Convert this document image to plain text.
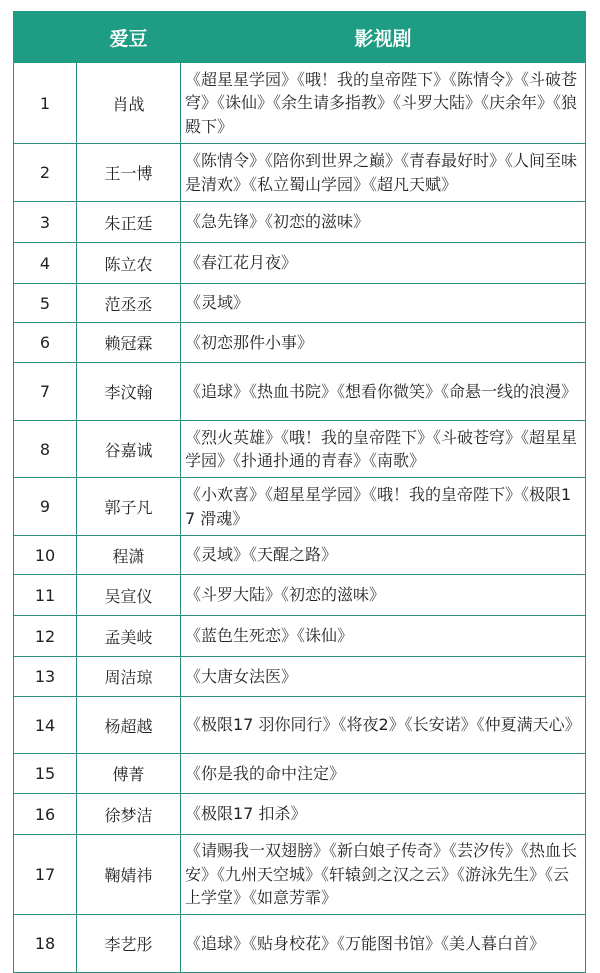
	爱豆	影视剧
1	肖战	《超星星学园》《哦！我的皇帝陛下》《陈情令》《斗破苍穹》《诛仙》《余生请多指教》《斗罗大陆》《庆余年》《狼殿下》
2	王一博	《陈情令》《陪你到世界之巅》《青春最好时》《人间至味是清欢》《私立蜀山学园》《超凡天赋》
3	朱正廷	《急先锋》《初恋的滋味》
4	陈立农	《春江花月夜》
5	范丞丞	《灵域》
6	赖冠霖	《初恋那件小事》
7	李汶翰	《追球》《热血书院》《想看你微笑》《命悬一线的浪漫》
8	谷嘉诚	《烈火英雄》《哦！我的皇帝陛下》《斗破苍穹》《超星星学园》《扑通扑通的青春》《南歌》
9	郭子凡	《小欢喜》《超星星学园》《哦！我的皇帝陛下》《极限17 滑魂》
10	程潇	《灵域》《天醒之路》
11	吴宣仪	《斗罗大陆》《初恋的滋味》
12	孟美岐	《蓝色生死恋》《诛仙》
13	周洁琼	《大唐女法医》
14	杨超越	《极限17 羽你同行》《将夜2》《长安诺》《仲夏满天心》
15	傅菁	《你是我的命中注定》
16	徐梦洁	《极限17 扣杀》
17	鞠婧祎	《请赐我一双翅膀》《新白娘子传奇》《芸汐传》《热血长安》《九州天空城》《轩辕剑之汉之云》《游泳先生》《云上学堂》《如意芳霏》
18	李艺彤	《追球》《贴身校花》《万能图书馆》《美人暮白首》
